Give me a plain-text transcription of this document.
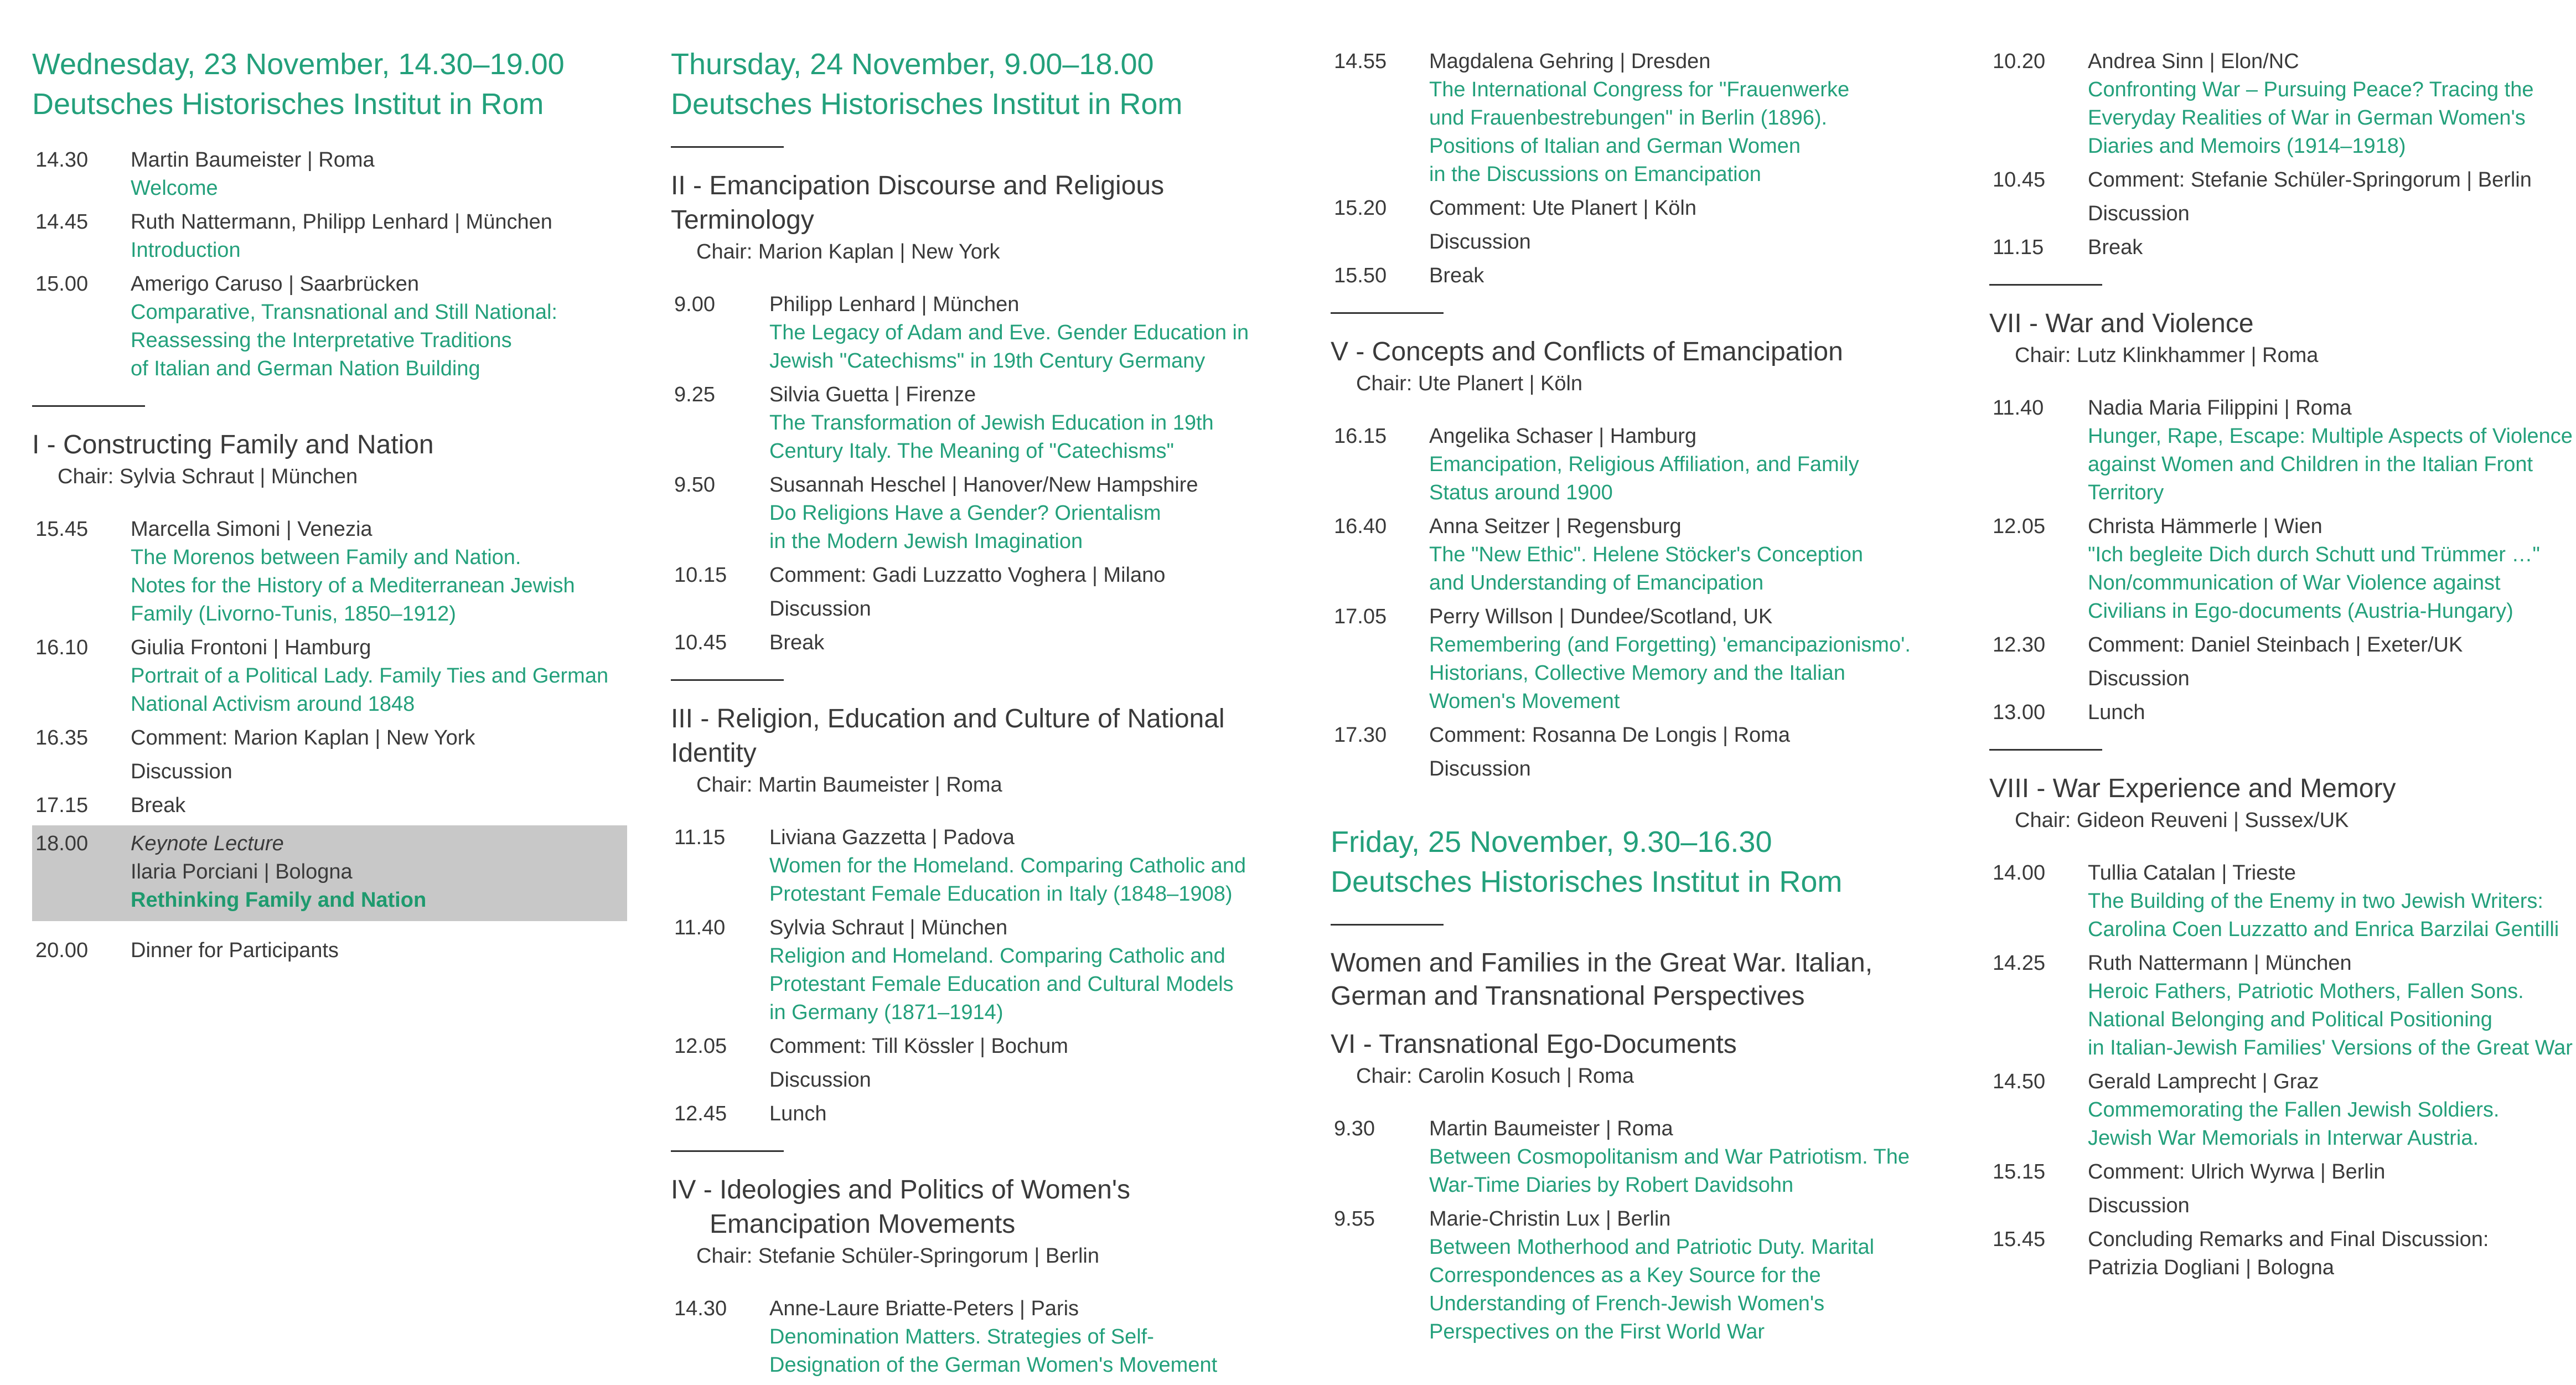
Wednesday, 23 November, 14.30–19.00
Deutsches Historisches Institut in Rom
14.30	Martin Baumeister | Roma
Welcome
14.45	Ruth Nattermann, Philipp Lenhard | München
Introduction
15.00	Amerigo Caruso | Saarbrücken
Comparative, Transnational and Still National:
Reassessing the Interpretative Traditions
of Italian and German Nation Building
I - Constructing Family and Nation
Chair: Sylvia Schraut | München
15.45	Marcella Simoni | Venezia
The Morenos between Family and Nation.
Notes for the History of a Mediterranean Jewish
Family (Livorno-Tunis, 1850–1912)
16.10	Giulia Frontoni | Hamburg
Portrait of a Political Lady. Family Ties and German
National Activism around 1848
16.35	Comment: Marion Kaplan | New York
Discussion
17.15	Break
18.00	Keynote Lecture
Ilaria Porciani | Bologna
Rethinking Family and Nation
20.00	Dinner for Participants
Thursday, 24 November, 9.00–18.00
Deutsches Historisches Institut in Rom
II - Emancipation Discourse and Religious Terminology
Chair: Marion Kaplan | New York
9.00	Philipp Lenhard | München
The Legacy of Adam and Eve. Gender Education in
Jewish "Catechisms" in 19th Century Germany
9.25	Silvia Guetta | Firenze
The Transformation of Jewish Education in 19th
Century Italy. The Meaning of "Catechisms"
9.50	Susannah Heschel | Hanover/New Hampshire
Do Religions Have a Gender? Orientalism
in the Modern Jewish Imagination
10.15	Comment: Gadi Luzzatto Voghera | Milano
Discussion
10.45	Break
III - Religion, Education and Culture of National Identity
Chair: Martin Baumeister | Roma
11.15	Liviana Gazzetta | Padova
Women for the Homeland. Comparing Catholic and
Protestant Female Education in Italy (1848–1908)
11.40	Sylvia Schraut | München
Religion and Homeland. Comparing Catholic and
Protestant Female Education and Cultural Models
in Germany (1871–1914)
12.05	Comment: Till Kössler | Bochum
Discussion
12.45	Lunch
IV - Ideologies and Politics of Women's
Emancipation Movements
Chair: Stefanie Schüler-Springorum | Berlin
14.30	Anne-Laure Briatte-Peters | Paris
Denomination Matters. Strategies of Self-
Designation of the German Women's Movement
14.55	Magdalena Gehring | Dresden
The International Congress for "Frauenwerke
und Frauenbestrebungen" in Berlin (1896).
Positions of Italian and German Women
in the Discussions on Emancipation
15.20	Comment: Ute Planert | Köln
Discussion
15.50	Break
V - Concepts and Conflicts of Emancipation
Chair: Ute Planert | Köln
16.15	Angelika Schaser | Hamburg
Emancipation, Religious Affiliation, and Family
Status around 1900
16.40	Anna Seitzer | Regensburg
The "New Ethic". Helene Stöcker's Conception
and Understanding of Emancipation
17.05	Perry Willson | Dundee/Scotland, UK
Remembering (and Forgetting) 'emancipazionismo'.
Historians, Collective Memory and the Italian
Women's Movement
17.30	Comment: Rosanna De Longis | Roma
Discussion
Friday, 25 November, 9.30–16.30
Deutsches Historisches Institut in Rom
Women and Families in the Great War. Italian,
German and Transnational Perspectives
VI - Transnational Ego-Documents
Chair: Carolin Kosuch | Roma
9.30	Martin Baumeister | Roma
Between Cosmopolitanism and War Patriotism. The
War-Time Diaries by Robert Davidsohn
9.55	Marie-Christin Lux | Berlin
Between Motherhood and Patriotic Duty. Marital
Correspondences as a Key Source for the
Understanding of French-Jewish Women's
Perspectives on the First World War
10.20	Andrea Sinn | Elon/NC
Confronting War – Pursuing Peace? Tracing the
Everyday Realities of War in German Women's
Diaries and Memoirs (1914–1918)
10.45	Comment: Stefanie Schüler-Springorum | Berlin
Discussion
11.15	Break
VII - War and Violence
Chair: Lutz Klinkhammer | Roma
11.40	Nadia Maria Filippini | Roma
Hunger, Rape, Escape: Multiple Aspects of Violence
against Women and Children in the Italian Front
Territory
12.05	Christa Hämmerle | Wien
"Ich begleite Dich durch Schutt und Trümmer …"
Non/communication of War Violence against
Civilians in Ego-documents (Austria-Hungary)
12.30	Comment: Daniel Steinbach | Exeter/UK
Discussion
13.00	Lunch
VIII - War Experience and Memory
Chair: Gideon Reuveni | Sussex/UK
14.00	Tullia Catalan | Trieste
The Building of the Enemy in two Jewish Writers:
Carolina Coen Luzzatto and Enrica Barzilai Gentilli
14.25	Ruth Nattermann | München
Heroic Fathers, Patriotic Mothers, Fallen Sons.
National Belonging and Political Positioning
in Italian-Jewish Families' Versions of the Great War
14.50	Gerald Lamprecht | Graz
Commemorating the Fallen Jewish Soldiers.
Jewish War Memorials in Interwar Austria.
15.15	Comment: Ulrich Wyrwa | Berlin
Discussion
15.45	Concluding Remarks and Final Discussion:
Patrizia Dogliani | Bologna
